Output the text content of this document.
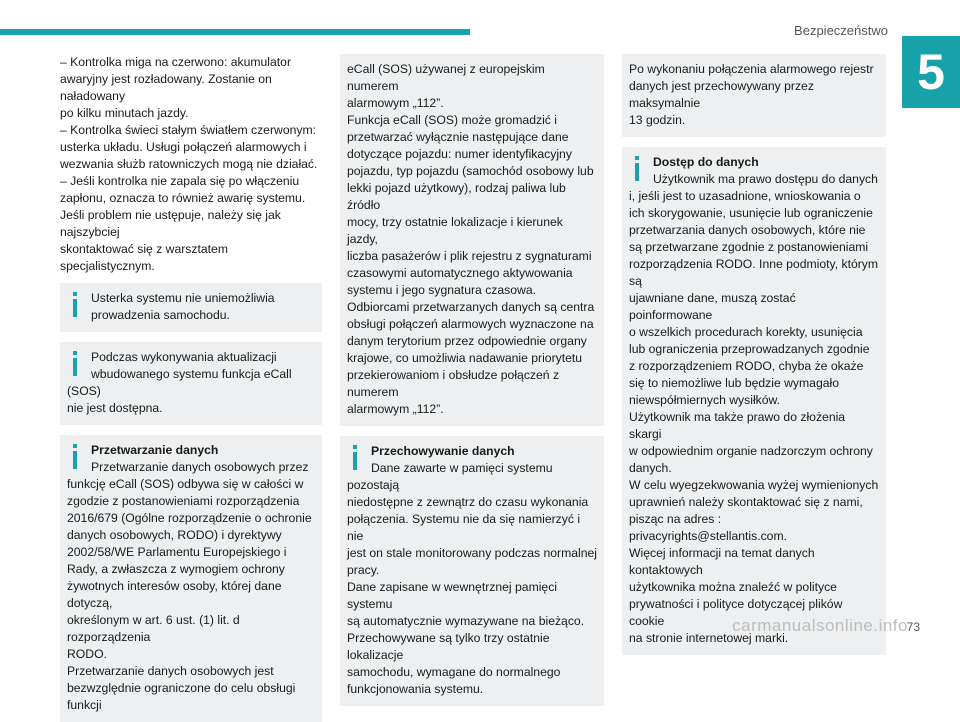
Bezpieczeństwo
5

– Kontrolka miga na czerwono: akumulator
awaryjny jest rozładowany. Zostanie on naładowany
po kilku minutach jazdy.
– Kontrolka świeci stałym światłem czerwonym:
usterka układu. Usługi połączeń alarmowych i
wezwania służb ratowniczych mogą nie działać.
– Jeśli kontrolka nie zapala się po włączeniu
zapłonu, oznacza to również awarię systemu.
Jeśli problem nie ustępuje, należy się jak najszybciej
skontaktować się z warsztatem specjalistycznym.

Usterka systemu nie uniemożliwia
prowadzenia samochodu.
Podczas wykonywania aktualizacji
wbudowanego systemu funkcja eCall (SOS)
nie jest dostępna.
Przetwarzanie danych
Przetwarzanie danych osobowych przez
funkcję eCall (SOS) odbywa się w całości w
zgodzie z postanowieniami rozporządzenia
2016/679 (Ogólne rozporządzenie o ochronie
danych osobowych, RODO) i dyrektywy
2002/58/WE Parlamentu Europejskiego i
Rady, a zwłaszcza z wymogiem ochrony
żywotnych interesów osoby, której dane dotyczą,
określonym w art. 6 ust. (1) lit. d rozporządzenia
RODO.
Przetwarzanie danych osobowych jest
bezwzględnie ograniczone do celu obsługi funkcji
eCall (SOS) używanej z europejskim numerem
alarmowym „112”.
Funkcja eCall (SOS) może gromadzić i
przetwarzać wyłącznie następujące dane
dotyczące pojazdu: numer identyfikacyjny
pojazdu, typ pojazdu (samochód osobowy lub
lekki pojazd użytkowy), rodzaj paliwa lub źródło
mocy, trzy ostatnie lokalizacje i kierunek jazdy,
liczba pasażerów i plik rejestru z sygnaturami
czasowymi automatycznego aktywowania
systemu i jego sygnatura czasowa.
Odbiorcami przetwarzanych danych są centra
obsługi połączeń alarmowych wyznaczone na
danym terytorium przez odpowiednie organy
krajowe, co umożliwia nadawanie priorytetu
przekierowaniom i obsłudze połączeń z numerem
alarmowym „112”.
Przechowywanie danych
Dane zawarte w pamięci systemu pozostają
niedostępne z zewnątrz do czasu wykonania
połączenia. Systemu nie da się namierzyć i nie
jest on stale monitorowany podczas normalnej
pracy.
Dane zapisane w wewnętrznej pamięci systemu
są automatycznie wymazywane na bieżąco.
Przechowywane są tylko trzy ostatnie lokalizacje
samochodu, wymagane do normalnego
funkcjonowania systemu.
Po wykonaniu połączenia alarmowego rejestr
danych jest przechowywany przez maksymalnie
13 godzin.
Dostęp do danych
Użytkownik ma prawo dostępu do danych
i, jeśli jest to uzasadnione, wnioskowania o
ich skorygowanie, usunięcie lub ograniczenie
przetwarzania danych osobowych, które nie
są przetwarzane zgodnie z postanowieniami
rozporządzenia RODO. Inne podmioty, którym są
ujawniane dane, muszą zostać poinformowane
o wszelkich procedurach korekty, usunięcia
lub ograniczenia przeprowadzanych zgodnie
z rozporządzeniem RODO, chyba że okaże
się to niemożliwe lub będzie wymagało
niewspółmiernych wysiłków.
Użytkownik ma także prawo do złożenia skargi
w odpowiednim organie nadzorczym ochrony
danych.
W celu wyegzekwowania wyżej wymienionych
uprawnień należy skontaktować się z nami,
pisząc na adres : privacyrights@stellantis.com.
Więcej informacji na temat danych kontaktowych
użytkownika można znaleźć w polityce
prywatności i polityce dotyczącej plików cookie
na stronie internetowej marki.
carmanualsonline.info
73
